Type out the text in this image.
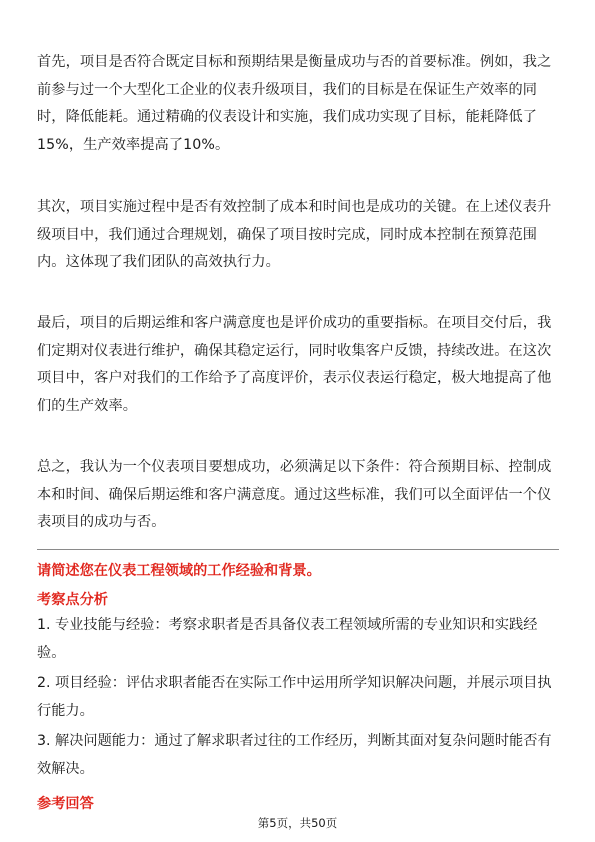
首先，项目是否符合既定目标和预期结果是衡量成功与否的首要标准。例如，我之前参与过一个大型化工企业的仪表升级项目，我们的目标是在保证生产效率的同时，降低能耗。通过精确的仪表设计和实施，我们成功实现了目标，能耗降低了15%，生产效率提高了10%。

其次，项目实施过程中是否有效控制了成本和时间也是成功的关键。在上述仪表升级项目中，我们通过合理规划，确保了项目按时完成，同时成本控制在预算范围内。这体现了我们团队的高效执行力。

最后，项目的后期运维和客户满意度也是评价成功的重要指标。在项目交付后，我们定期对仪表进行维护，确保其稳定运行，同时收集客户反馈，持续改进。在这次项目中，客户对我们的工作给予了高度评价，表示仪表运行稳定，极大地提高了他们的生产效率。

总之，我认为一个仪表项目要想成功，必须满足以下条件：符合预期目标、控制成本和时间、确保后期运维和客户满意度。通过这些标准，我们可以全面评估一个仪表项目的成功与否。

请简述您在仪表工程领域的工作经验和背景。
考察点分析
1. 专业技能与经验：考察求职者是否具备仪表工程领域所需的专业知识和实践经验。
2. 项目经验：评估求职者能否在实际工作中运用所学知识解决问题，并展示项目执行能力。
3. 解决问题能力：通过了解求职者过往的工作经历，判断其面对复杂问题时能否有效解决。
参考回答
第5页，共50页
